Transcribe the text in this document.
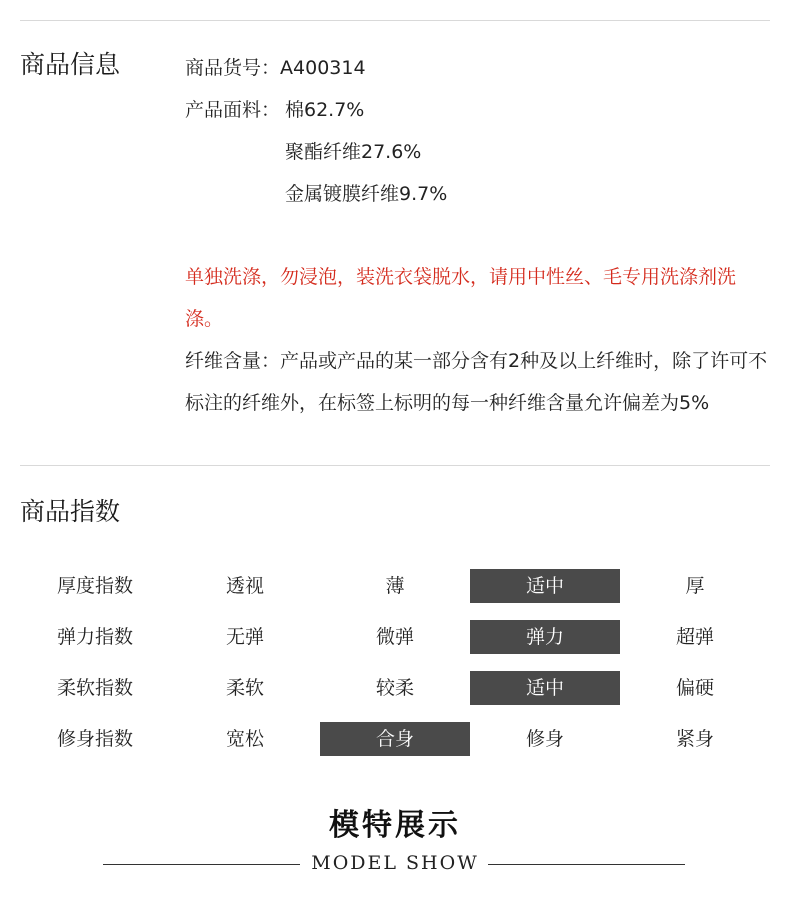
商品信息	商品货号：A400314
产品面料： 棉62.7%
聚酯纤维27.6%
金属镀膜纤维9.7%
单独洗涤，勿浸泡，装洗衣袋脱水，请用中性丝、毛专用洗涤剂洗涤。
纤维含量：产品或产品的某一部分含有2种及以上纤维时，除了许可不标注的纤维外，在标签上标明的每一种纤维含量允许偏差为5%
商品指数
厚度指数	透视	薄	适中	厚
弹力指数	无弹	微弹	弹力	超弹
柔软指数	柔软	较柔	适中	偏硬
修身指数	宽松	合身	修身	紧身
模特展示
MODEL SHOW
